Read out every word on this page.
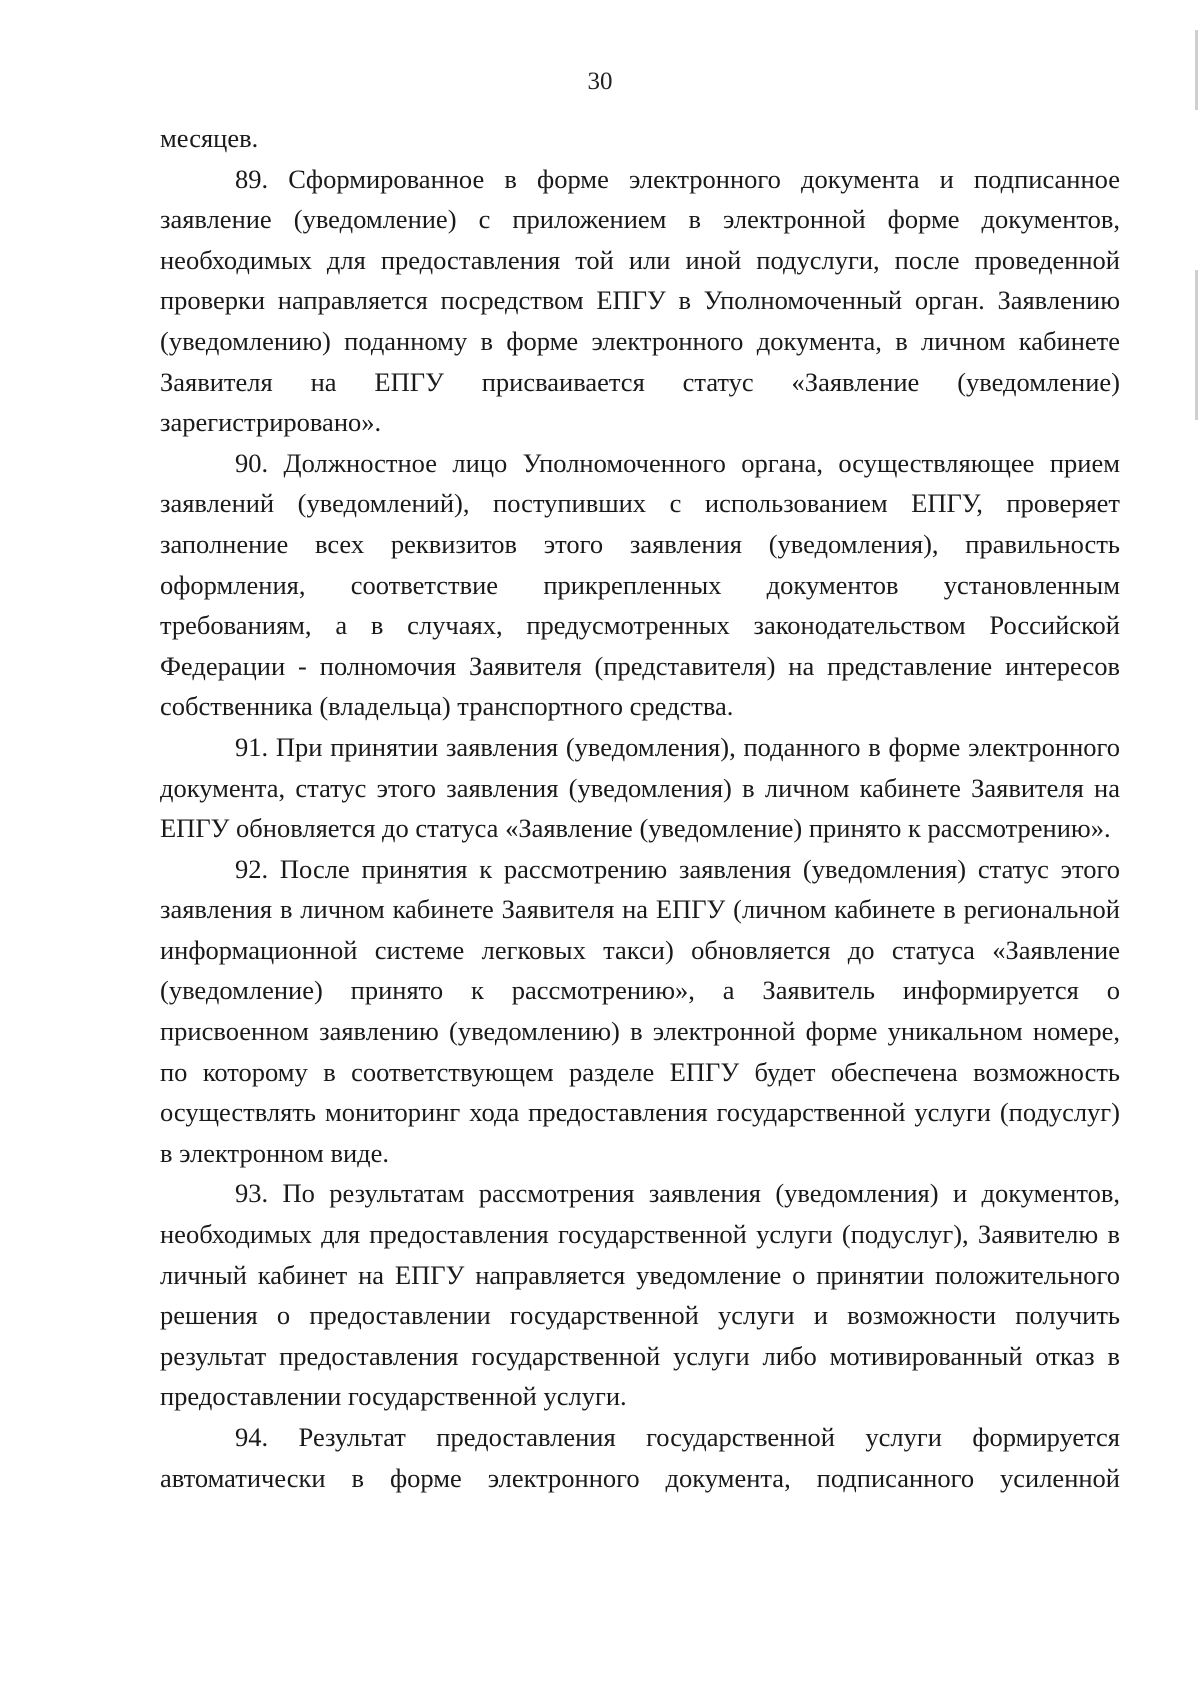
30

месяцев.

89. Сформированное в форме электронного документа и подписанное заявление (уведомление) с приложением в электронной форме документов, необходимых для предоставления той или иной подуслуги, после проведенной проверки направляется посредством ЕПГУ в Уполномоченный орган. Заявлению (уведомлению) поданному в форме электронного документа, в личном кабинете Заявителя на ЕПГУ присваивается статус «Заявление (уведомление) зарегистрировано».

90. Должностное лицо Уполномоченного органа, осуществляющее прием заявлений (уведомлений), поступивших с использованием ЕПГУ, проверяет заполнение всех реквизитов этого заявления (уведомления), правильность оформления, соответствие прикрепленных документов установленным требованиям, а в случаях, предусмотренных законодательством Российской Федерации - полномочия Заявителя (представителя) на представление интересов собственника (владельца) транспортного средства.

91. При принятии заявления (уведомления), поданного в форме электронного документа, статус этого заявления (уведомления) в личном кабинете Заявителя на ЕПГУ обновляется до статуса «Заявление (уведомление) принято к рассмотрению».

92. После принятия к рассмотрению заявления (уведомления) статус этого заявления в личном кабинете Заявителя на ЕПГУ (личном кабинете в региональной информационной системе легковых такси) обновляется до статуса «Заявление (уведомление) принято к рассмотрению», а Заявитель информируется о присвоенном заявлению (уведомлению) в электронной форме уникальном номере, по которому в соответствующем разделе ЕПГУ будет обеспечена возможность осуществлять мониторинг хода предоставления государственной услуги (подуслуг) в электронном виде.

93. По результатам рассмотрения заявления (уведомления) и документов, необходимых для предоставления государственной услуги (подуслуг), Заявителю в личный кабинет на ЕПГУ направляется уведомление о принятии положительного решения о предоставлении государственной услуги и возможности получить результат предоставления государственной услуги либо мотивированный отказ в предоставлении государственной услуги.

94. Результат предоставления государственной услуги формируется автоматически в форме электронного документа, подписанного усиленной
